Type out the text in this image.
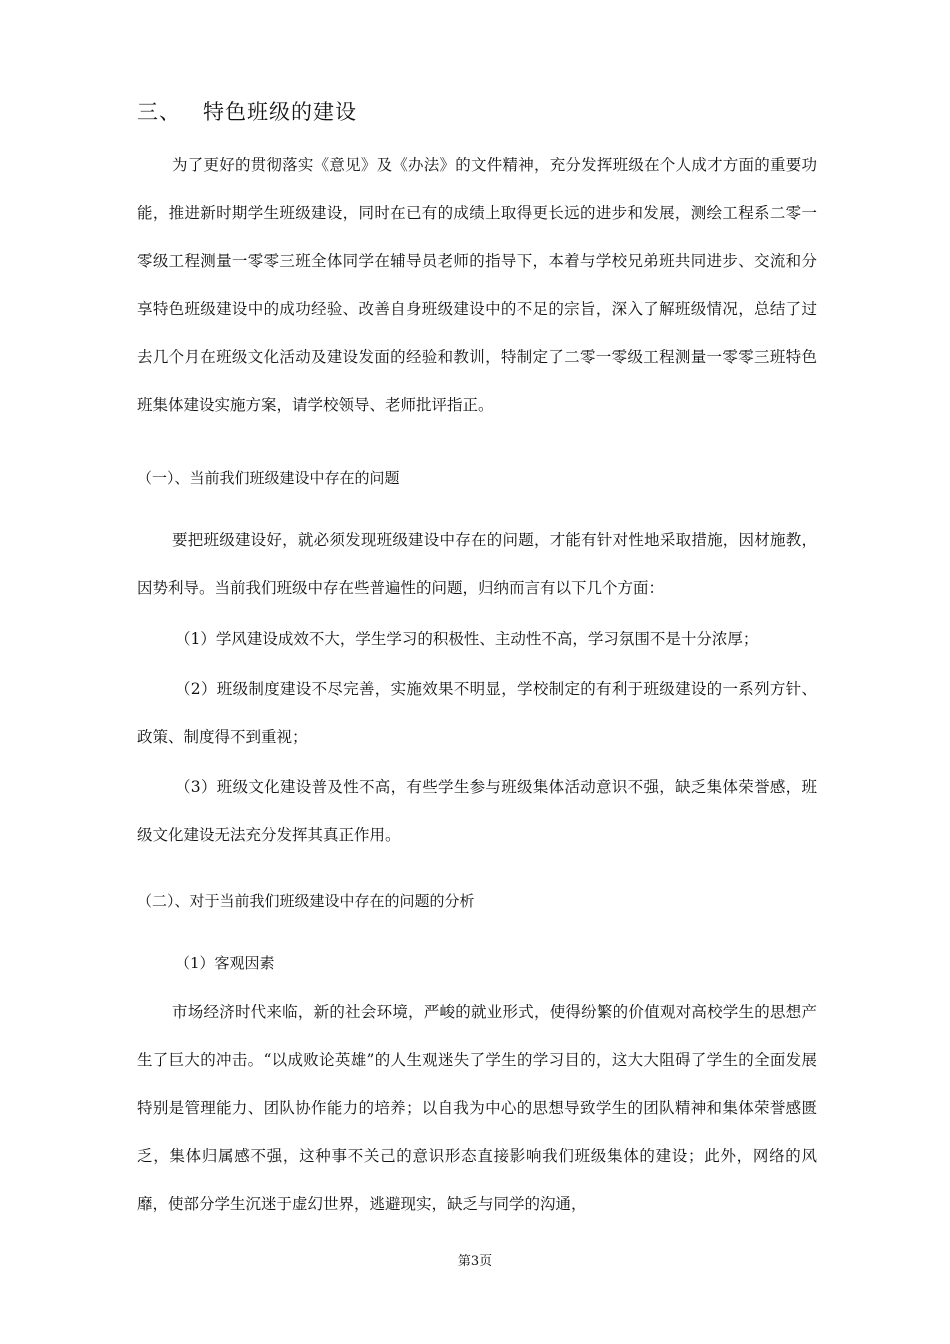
三、 特色班级的建设

为了更好的贯彻落实《意见》及《办法》的文件精神，充分发挥班级在个人成才方面的重要功能，推进新时期学生班级建设，同时在已有的成绩上取得更长远的进步和发展，测绘工程系二零一零级工程测量一零零三班全体同学在辅导员老师的指导下，本着与学校兄弟班共同进步、交流和分享特色班级建设中的成功经验、改善自身班级建设中的不足的宗旨，深入了解班级情况，总结了过去几个月在班级文化活动及建设发面的经验和教训，特制定了二零一零级工程测量一零零三班特色班集体建设实施方案，请学校领导、老师批评指正。

（一）、当前我们班级建设中存在的问题

要把班级建设好，就必须发现班级建设中存在的问题，才能有针对性地采取措施，因材施教，因势利导。当前我们班级中存在些普遍性的问题，归纳而言有以下几个方面：

（1）学风建设成效不大，学生学习的积极性、主动性不高，学习氛围不是十分浓厚；

（2）班级制度建设不尽完善，实施效果不明显，学校制定的有利于班级建设的一系列方针、政策、制度得不到重视；

（3）班级文化建设普及性不高，有些学生参与班级集体活动意识不强，缺乏集体荣誉感，班级文化建设无法充分发挥其真正作用。

（二）、对于当前我们班级建设中存在的问题的分析
（1）客观因素

市场经济时代来临，新的社会环境，严峻的就业形式，使得纷繁的价值观对高校学生的思想产生了巨大的冲击。“以成败论英雄”的人生观迷失了学生的学习目的，这大大阻碍了学生的全面发展特别是管理能力、团队协作能力的培养；以自我为中心的思想导致学生的团队精神和集体荣誉感匮乏，集体归属感不强，这种事不关己的意识形态直接影响我们班级集体的建设；此外，网络的风靡，使部分学生沉迷于虚幻世界，逃避现实，缺乏与同学的沟通，

第3页
